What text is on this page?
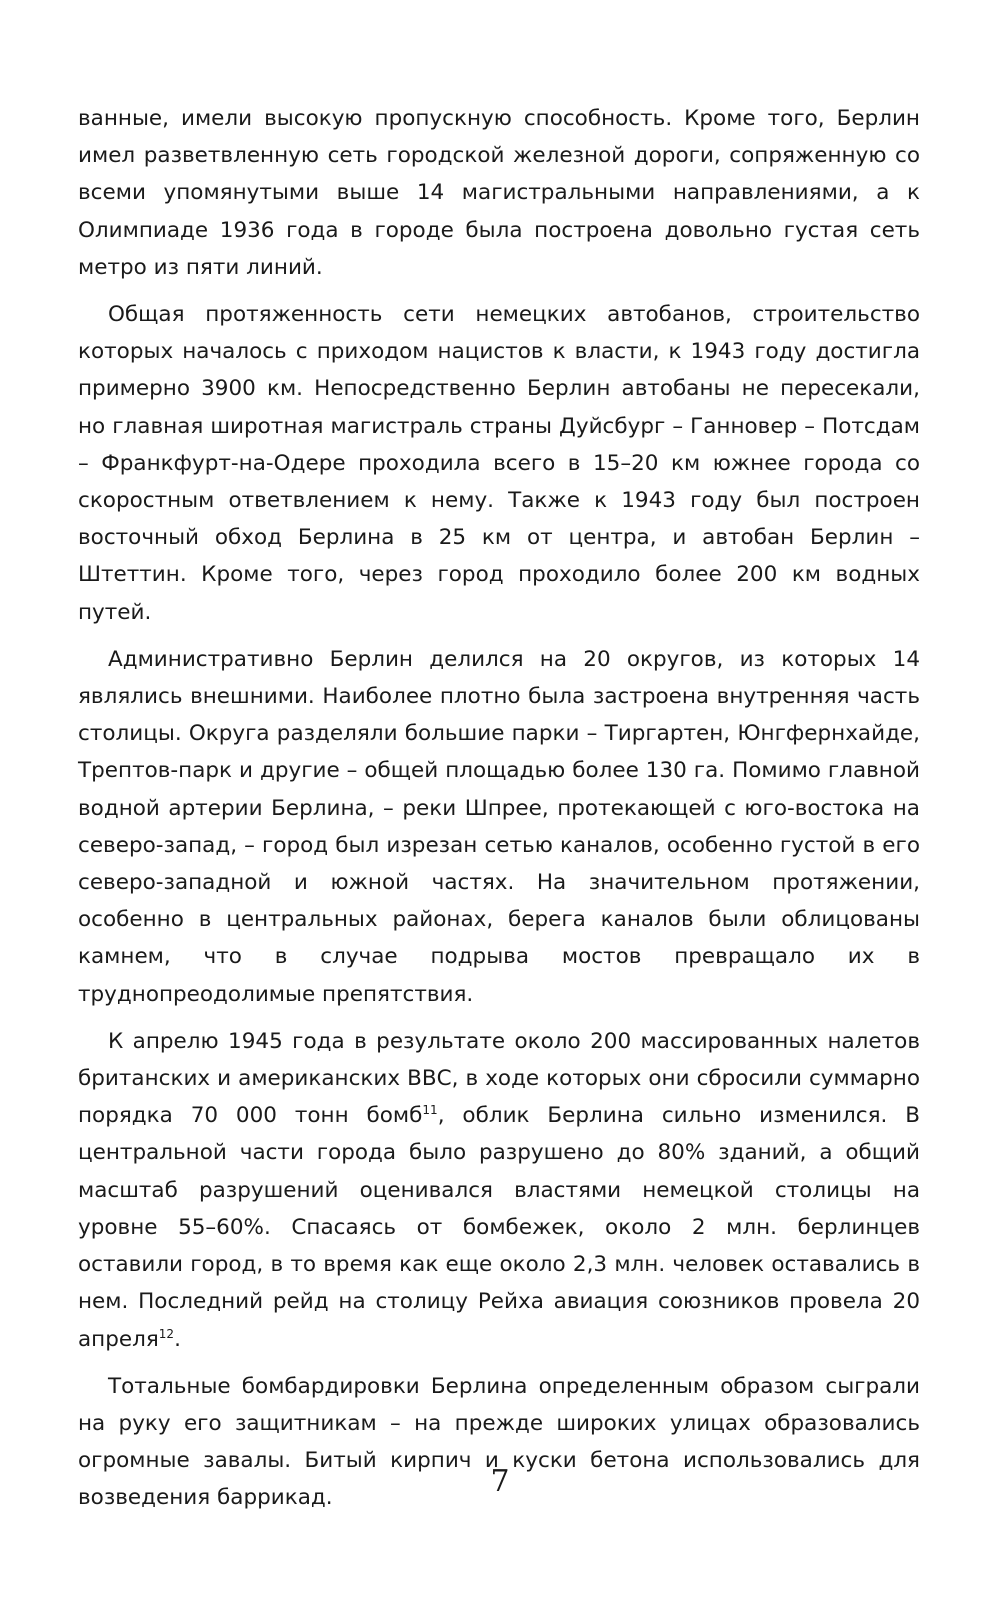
ванные, имели высокую пропускную способность. Кроме того, Берлин имел разветвленную сеть городской железной дороги, сопряженную со всеми упомянутыми выше 14 магистральными направлениями, а к Олимпиаде 1936 года в городе была построена довольно густая сеть метро из пяти линий.

Общая протяженность сети немецких автобанов, строительство которых началось с приходом нацистов к власти, к 1943 году достигла примерно 3900 км. Непосредственно Берлин автобаны не пересекали, но главная широтная магистраль страны Дуйсбург – Ганновер – Потсдам – Франкфурт-на-Одере проходила всего в 15–20 км южнее города со скоростным ответвлением к нему. Также к 1943 году был построен восточный обход Берлина в 25 км от центра, и автобан Берлин – Штеттин. Кроме того, через город проходило более 200 км водных путей.

Административно Берлин делился на 20 округов, из которых 14 являлись внешними. Наиболее плотно была застроена внутренняя часть столицы. Округа разделяли большие парки – Тиргартен, Юнгфернхайде, Трептов-парк и другие – общей площадью более 130 га. Помимо главной водной артерии Берлина, – реки Шпрее, протекающей с юго-востока на северо-запад, – город был изрезан сетью каналов, особенно густой в его северо-западной и южной частях. На значительном протяжении, особенно в центральных районах, берега каналов были облицованы камнем, что в случае подрыва мостов превращало их в труднопреодолимые препятствия.

К апрелю 1945 года в результате около 200 массированных налетов британских и американских ВВС, в ходе которых они сбросили суммарно порядка 70 000 тонн бомб$^{11}$, облик Берлина сильно изменился. В центральной части города было разрушено до 80% зданий, а общий масштаб разрушений оценивался властями немецкой столицы на уровне 55–60%. Спасаясь от бомбежек, около 2 млн. берлинцев оставили город, в то время как еще около 2,3 млн. человек оставались в нем. Последний рейд на столицу Рейха авиация союзников провела 20 апреля$^{12}$.

Тотальные бомбардировки Берлина определенным образом сыграли на руку его защитникам – на прежде широких улицах образовались огромные завалы. Битый кирпич и куски бетона использовались для возведения баррикад.	7
